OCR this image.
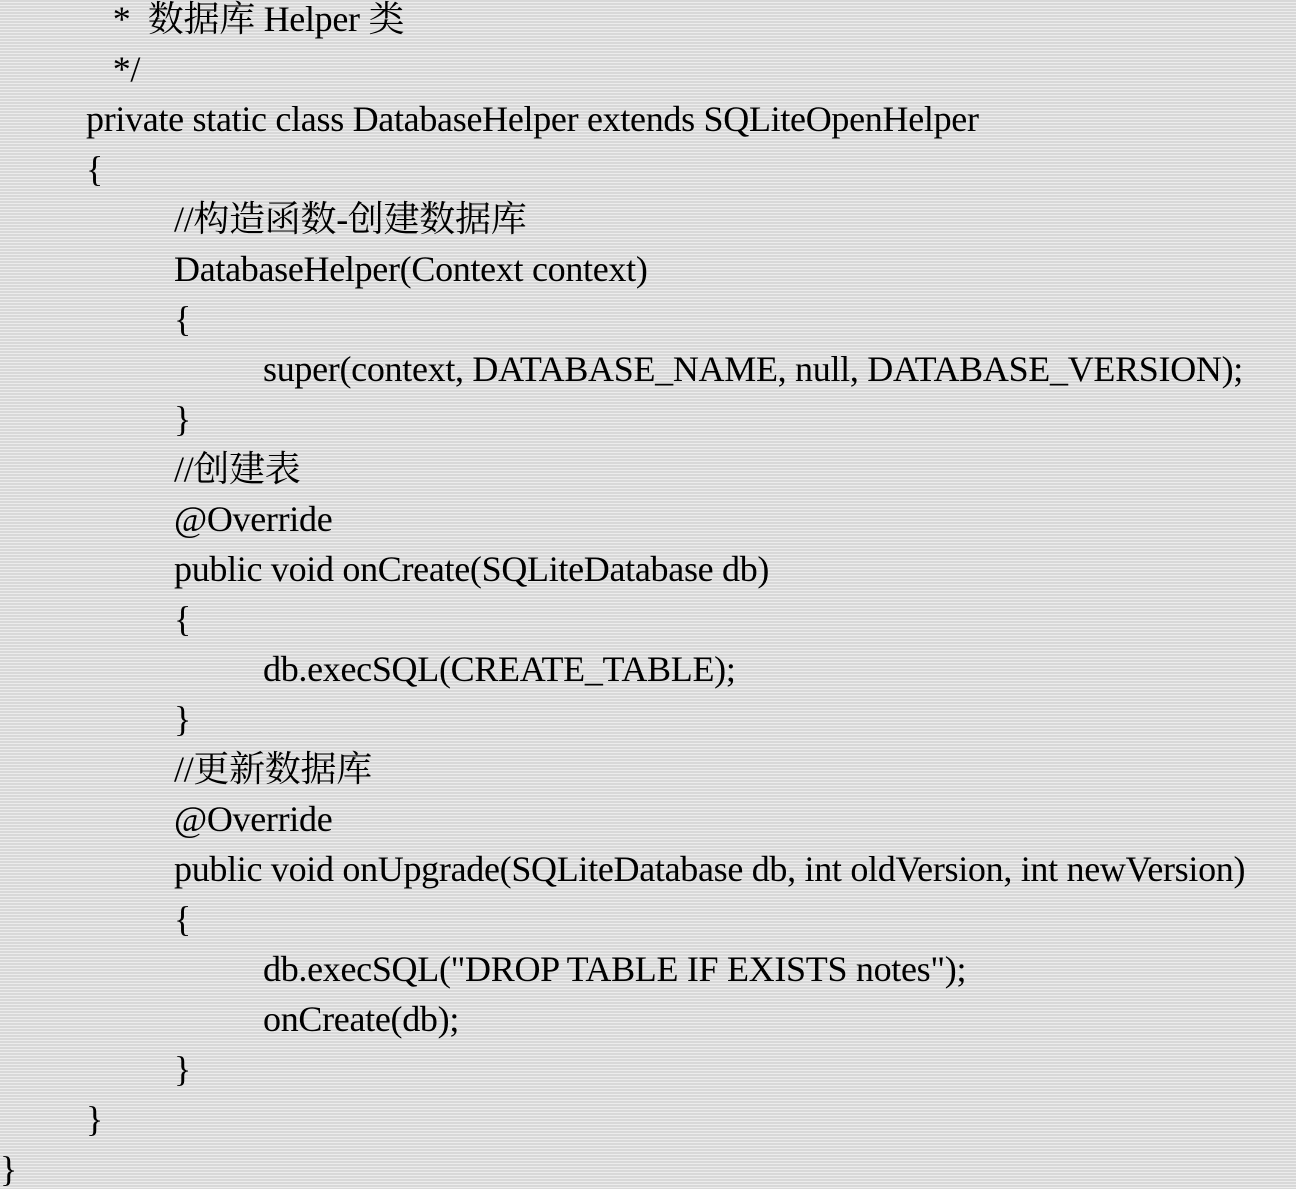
*  数据库 Helper 类
*/
private static class DatabaseHelper extends SQLiteOpenHelper
{
//构造函数-创建数据库
DatabaseHelper(Context context)
{
super(context, DATABASE_NAME, null, DATABASE_VERSION);
}
//创建表
@Override
public void onCreate(SQLiteDatabase db)
{
db.execSQL(CREATE_TABLE);
}
//更新数据库
@Override
public void onUpgrade(SQLiteDatabase db, int oldVersion, int newVersion)
{
db.execSQL("DROP TABLE IF EXISTS notes");
onCreate(db);
}
}
}
